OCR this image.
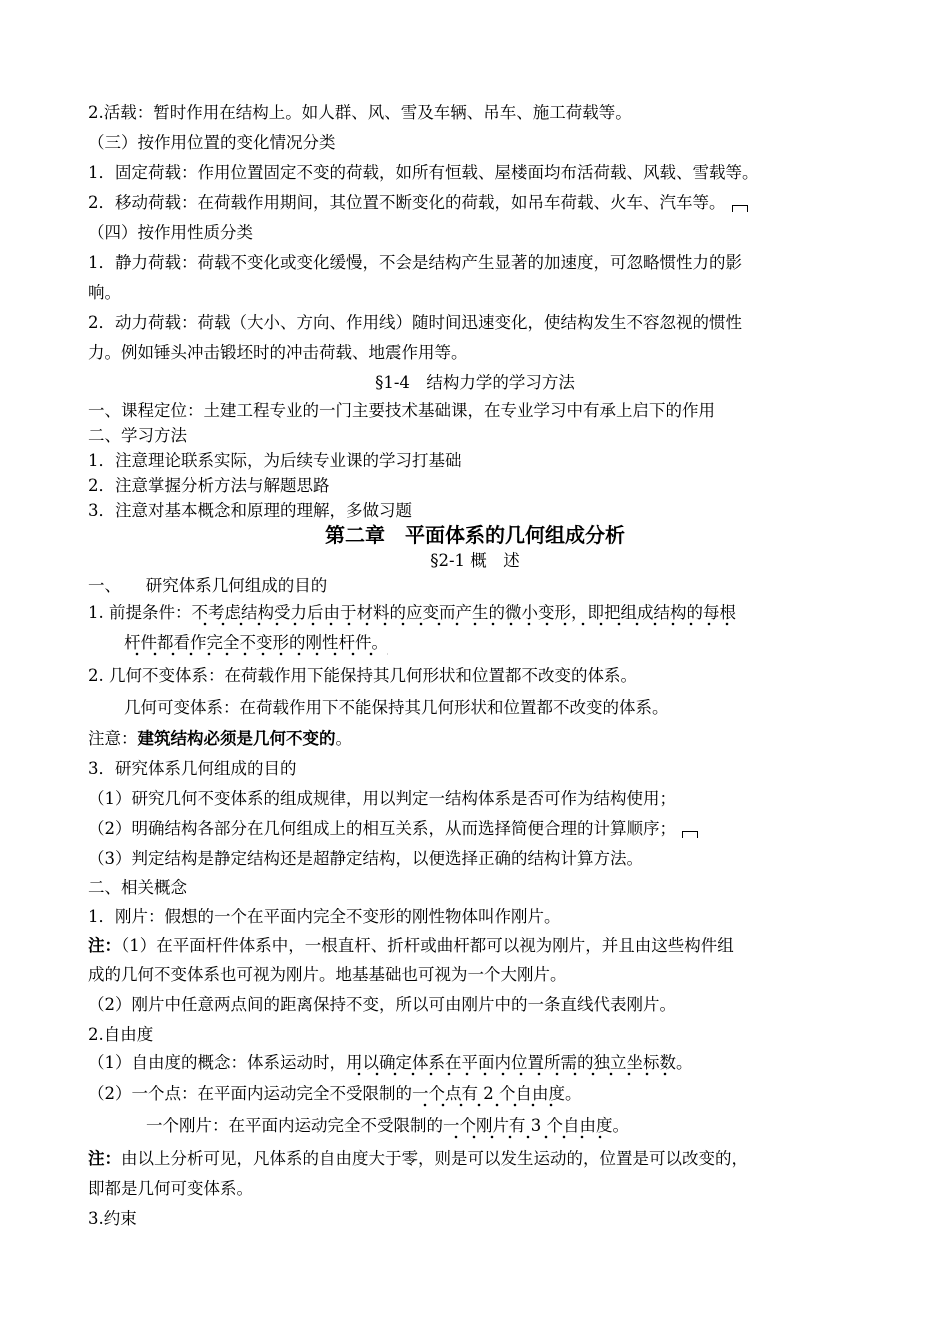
2.活载：暂时作用在结构上。如人群、风、雪及车辆、吊车、施工荷载等。
（三）按作用位置的变化情况分类
1．固定荷载：作用位置固定不变的荷载，如所有恒载、屋楼面均布活荷载、风载、雪载等。
2．移动荷载：在荷载作用期间，其位置不断变化的荷载，如吊车荷载、火车、汽车等。
（四）按作用性质分类
1．静力荷载：荷载不变化或变化缓慢，不会是结构产生显著的加速度，可忽略惯性力的影
响。
2．动力荷载：荷载（大小、方向、作用线）随时间迅速变化，使结构发生不容忽视的惯性
力。例如锤头冲击锻坯时的冲击荷载、地震作用等。
§1-4　结构力学的学习方法
一、课程定位：土建工程专业的一门主要技术基础课，在专业学习中有承上启下的作用
二、学习方法
1．注意理论联系实际，为后续专业课的学习打基础
2．注意掌握分析方法与解题思路
3．注意对基本概念和原理的理解，多做习题
第二章　平面体系的几何组成分析
§2-1 概　述
一、　　研究体系几何组成的目的
1. 前提条件：不考虑结构受力后由于材料的应变而产生的微小变形，即把组成结构的每根
杆件都看作完全不变形的刚性杆件。
2. 几何不变体系：在荷载作用下能保持其几何形状和位置都不改变的体系。
几何可变体系：在荷载作用下不能保持其几何形状和位置都不改变的体系。
注意：建筑结构必须是几何不变的。
3．研究体系几何组成的目的
（1）研究几何不变体系的组成规律，用以判定一结构体系是否可作为结构使用；
（2）明确结构各部分在几何组成上的相互关系，从而选择简便合理的计算顺序；
（3）判定结构是静定结构还是超静定结构，以便选择正确的结构计算方法。
二、相关概念
1．刚片：假想的一个在平面内完全不变形的刚性物体叫作刚片。
注：（1）在平面杆件体系中，一根直杆、折杆或曲杆都可以视为刚片，并且由这些构件组
成的几何不变体系也可视为刚片。地基基础也可视为一个大刚片。
（2）刚片中任意两点间的距离保持不变，所以可由刚片中的一条直线代表刚片。
2.自由度
（1）自由度的概念：体系运动时，用以确定体系在平面内位置所需的独立坐标数。
（2）一个点：在平面内运动完全不受限制的一个点有 2 个自由度。
一个刚片：在平面内运动完全不受限制的一个刚片有 3 个自由度。
注：由以上分析可见，凡体系的自由度大于零，则是可以发生运动的，位置是可以改变的，
即都是几何可变体系。
3.约束
